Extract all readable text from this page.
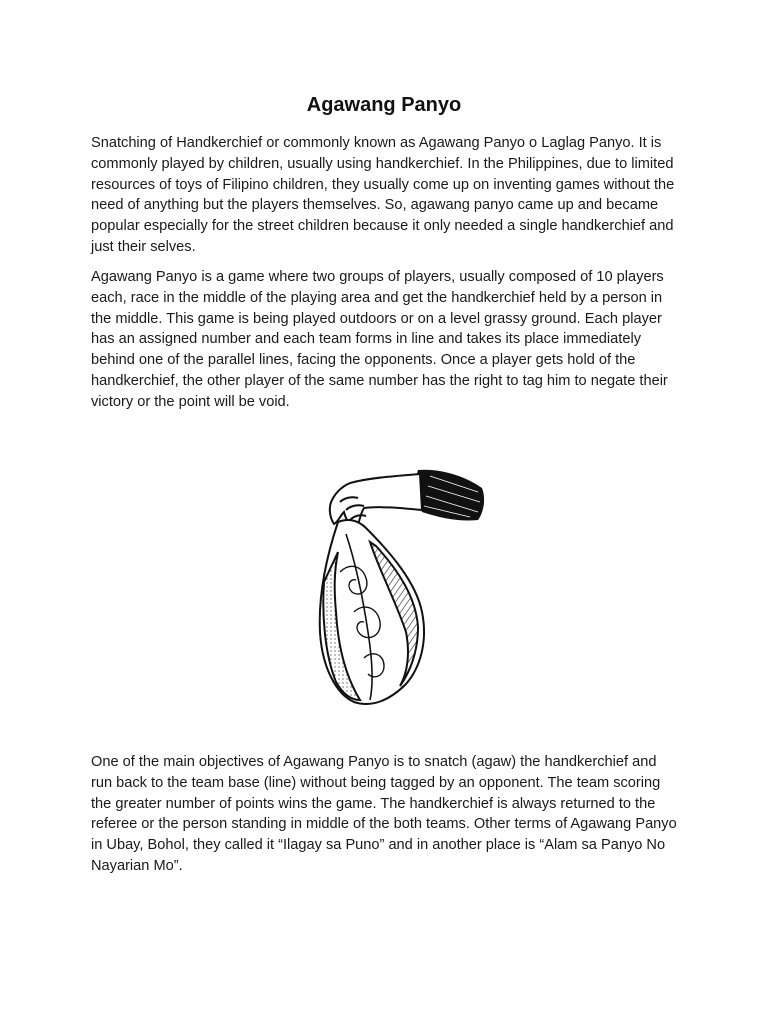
Agawang Panyo

Snatching of Handkerchief or commonly known as Agawang Panyo o Laglag Panyo. It is commonly played by children, usually using handkerchief. In the Philippines, due to limited resources of toys of Filipino children, they usually come up on inventing games without the need of anything but the players themselves. So, agawang panyo came up and became popular especially for the street children because it only needed a single handkerchief and just their selves.

Agawang Panyo is a game where two groups of players, usually composed of 10 players each, race in the middle of the playing area and get the handkerchief held by a person in the middle. This game is being played outdoors or on a level grassy ground. Each player has an assigned number and each team forms in line and takes its place immediately behind one of the parallel lines, facing the opponents. Once a player gets hold of the handkerchief, the other player of the same number has the right to tag him to negate their victory or the point will be void.

One of the main objectives of Agawang Panyo is to snatch (agaw) the handkerchief and run back to the team base (line) without being tagged by an opponent. The team scoring the greater number of points wins the game. The handkerchief is always returned to the referee or the person standing in middle of the both teams. Other terms of Agawang Panyo in Ubay, Bohol, they called it “Ilagay sa Puno” and in another place is “Alam sa Panyo No Nayarian Mo”.
